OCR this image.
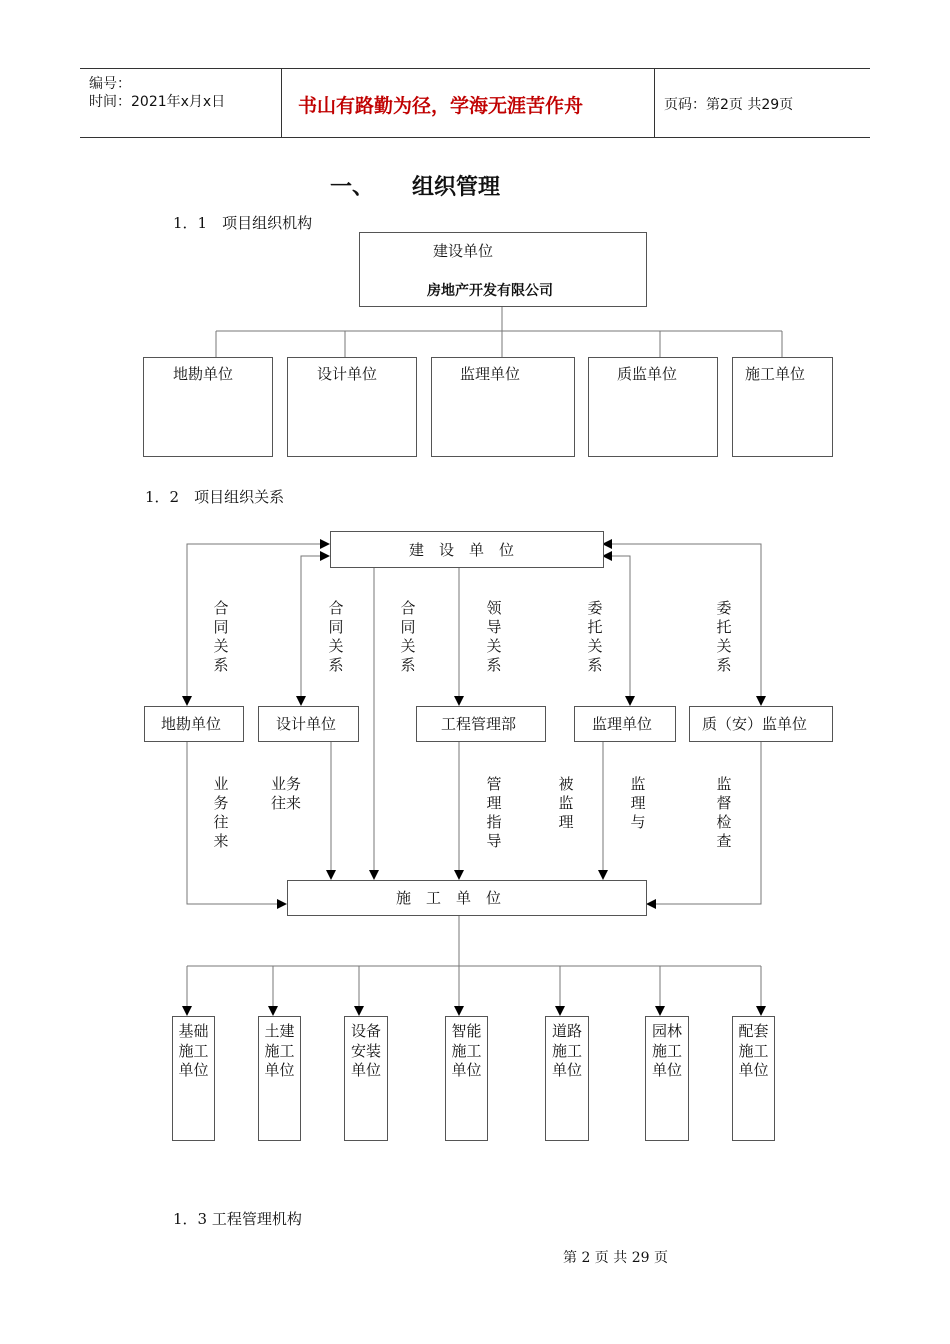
编号：
时间：2021年x月x日	书山有路勤为径，学海无涯苦作舟	页码：第2页 共29页
一、 组织管理
1．1　项目组织机构
建设单位
房地产开发有限公司
地勘单位	设计单位	监理单位	质监单位	施工单位
1．2　项目组织关系
建　设　单　位
合同关系
合同关系
合同关系
领导关系
委托关系
委托关系
地勘单位	设计单位	工程管理部	监理单位	质（安）监单位
业务往来
业务往来
管理指导
被监理
监理与
监督检查
施　工　单　位
基础施工单位
土建施工单位
设备安装单位
智能施工单位
道路施工单位
园林施工单位
配套施工单位
1．3 工程管理机构
第 2 页 共 29 页
